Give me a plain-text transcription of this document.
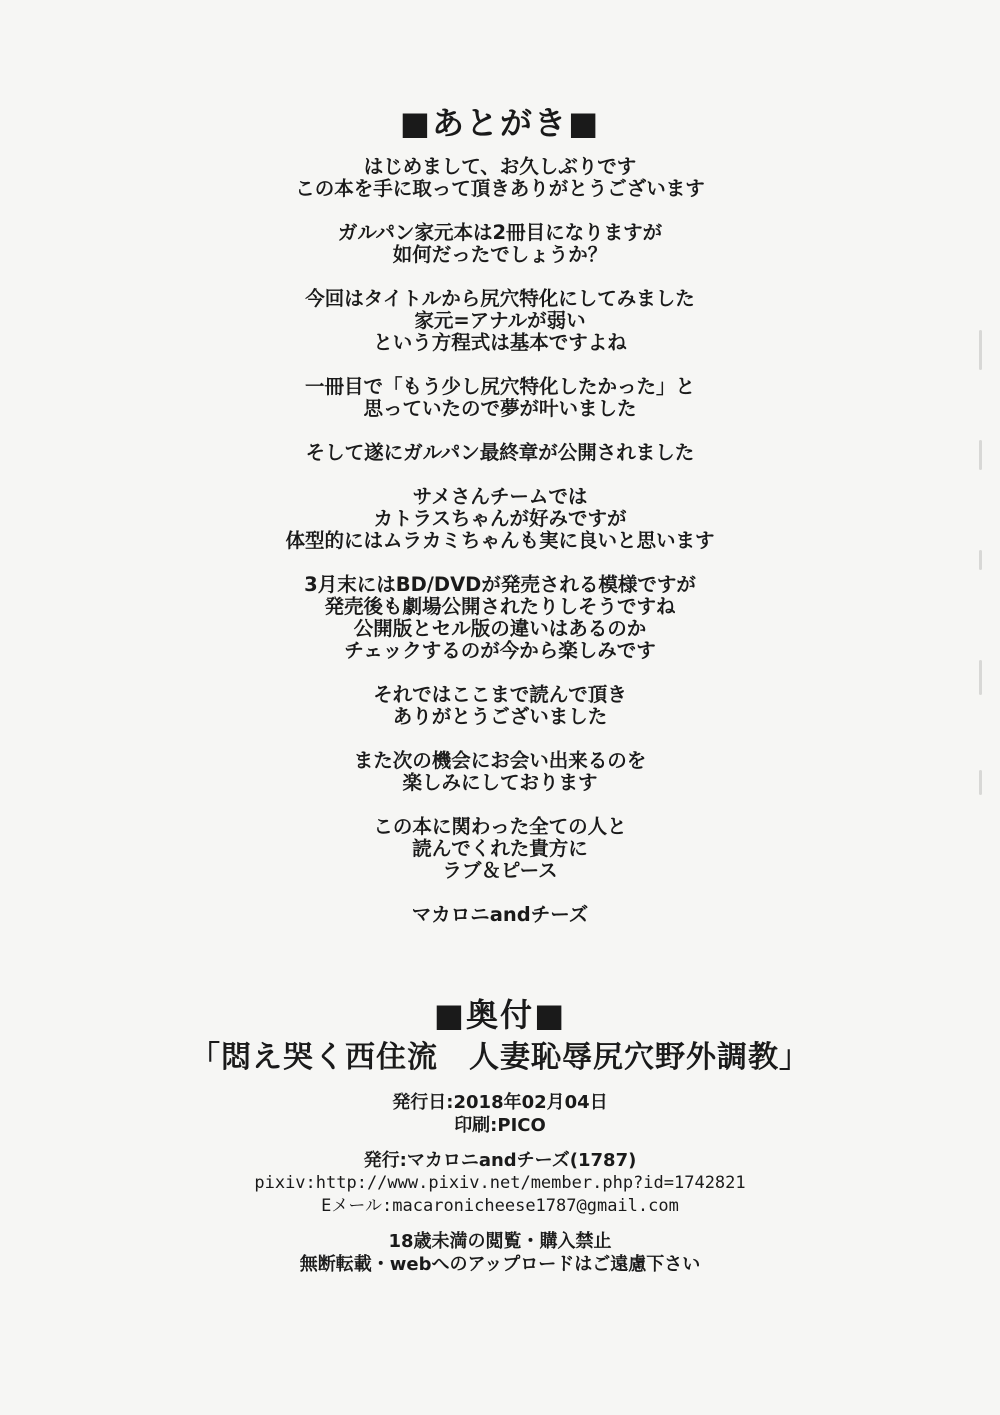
■あとがき■
はじめまして、お久しぶりです
この本を手に取って頂きありがとうございます
ガルパン家元本は2冊目になりますが
如何だったでしょうか？
今回はタイトルから尻穴特化にしてみました
家元=アナルが弱い
という方程式は基本ですよね
一冊目で「もう少し尻穴特化したかった」と
思っていたので夢が叶いました
そして遂にガルパン最終章が公開されました
サメさんチームでは
カトラスちゃんが好みですが
体型的にはムラカミちゃんも実に良いと思います
3月末にはBD/DVDが発売される模様ですが
発売後も劇場公開されたりしそうですね
公開版とセル版の違いはあるのか
チェックするのが今から楽しみです
それではここまで読んで頂き
ありがとうございました
また次の機会にお会い出来るのを
楽しみにしております
この本に関わった全ての人と
読んでくれた貴方に
ラブ＆ピース
マカロニandチーズ
■奥付■
「悶え哭く西住流　人妻恥辱尻穴野外調教」
発行日:2018年02月04日
印刷:PICO
発行:マカロニandチーズ(1787)
pixiv:http://www.pixiv.net/member.php?id=1742821
Eメール:macaronicheese1787@gmail.com
18歳未満の閲覧・購入禁止
無断転載・webへのアップロードはご遠慮下さい
